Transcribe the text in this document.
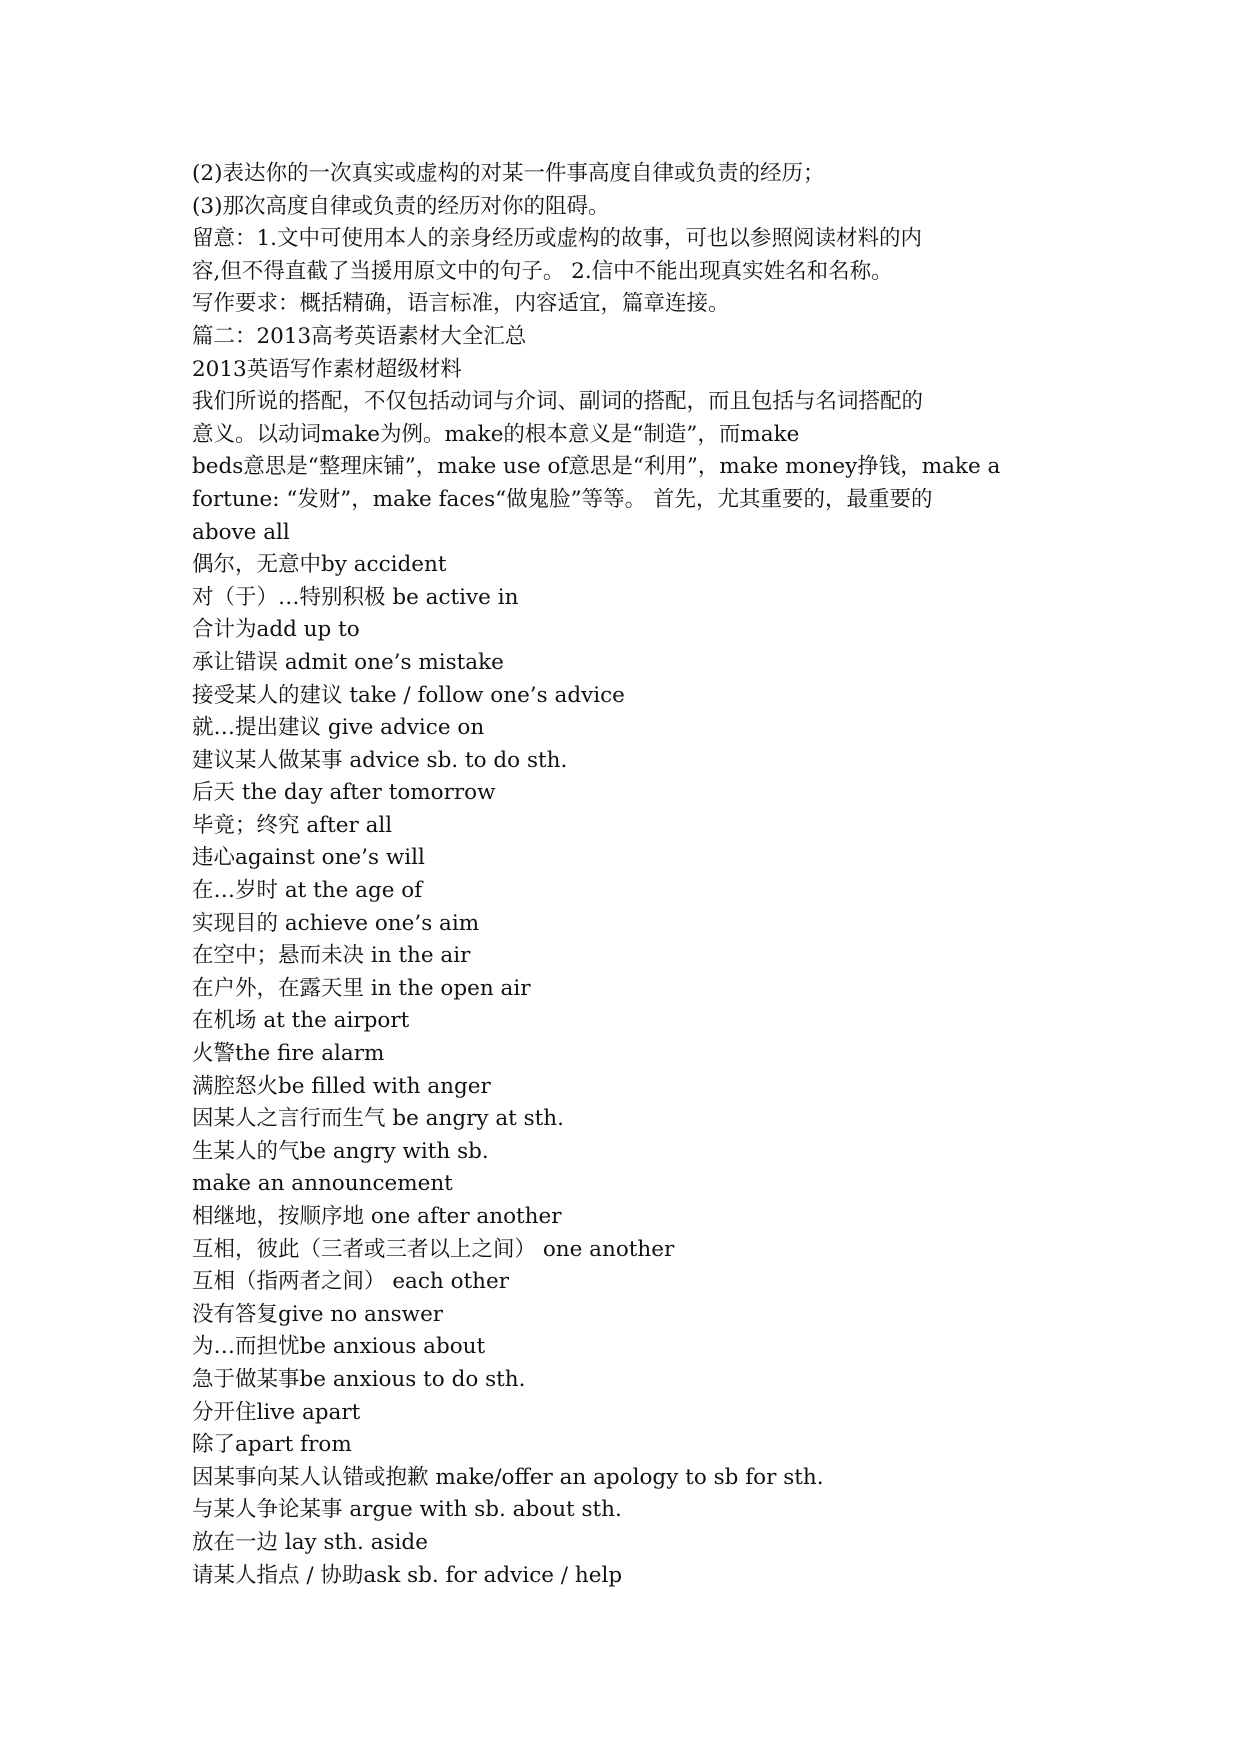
(2)表达你的一次真实或虚构的对某一件事高度自律或负责的经历；
(3)那次高度自律或负责的经历对你的阻碍。
留意：1.文中可使用本人的亲身经历或虚构的故事，可也以参照阅读材料的内
容,但不得直截了当援用原文中的句子。 2.信中不能出现真实姓名和名称。
写作要求：概括精确，语言标准，内容适宜，篇章连接。
篇二：2013高考英语素材大全汇总
2013英语写作素材超级材料
我们所说的搭配，不仅包括动词与介词、副词的搭配，而且包括与名词搭配的
意义。以动词make为例。make的根本意义是“制造”，而make
beds意思是“整理床铺”，make use of意思是“利用”，make money挣钱，make a
fortune: “发财”，make faces“做鬼脸”等等。 首先，尤其重要的，最重要的
above all
偶尔，无意中by accident
对（于）…特别积极 be active in
合计为add up to
承让错误 admit one’s mistake
接受某人的建议 take / follow one’s advice
就…提出建议 give advice on
建议某人做某事 advice sb. to do sth.
后天 the day after tomorrow
毕竟；终究 after all
违心against one’s will
在…岁时 at the age of
实现目的 achieve one’s aim
在空中；悬而未决 in the air
在户外，在露天里 in the open air
在机场 at the airport
火警the fire alarm
满腔怒火be filled with anger
因某人之言行而生气 be angry at sth.
生某人的气be angry with sb.
make an announcement
相继地，按顺序地 one after another
互相，彼此（三者或三者以上之间） one another
互相（指两者之间） each other
没有答复give no answer
为…而担忧be anxious about
急于做某事be anxious to do sth.
分开住live apart
除了apart from
因某事向某人认错或抱歉 make/offer an apology to sb for sth.
与某人争论某事 argue with sb. about sth.
放在一边 lay sth. aside
请某人指点 / 协助ask sb. for advice / help
